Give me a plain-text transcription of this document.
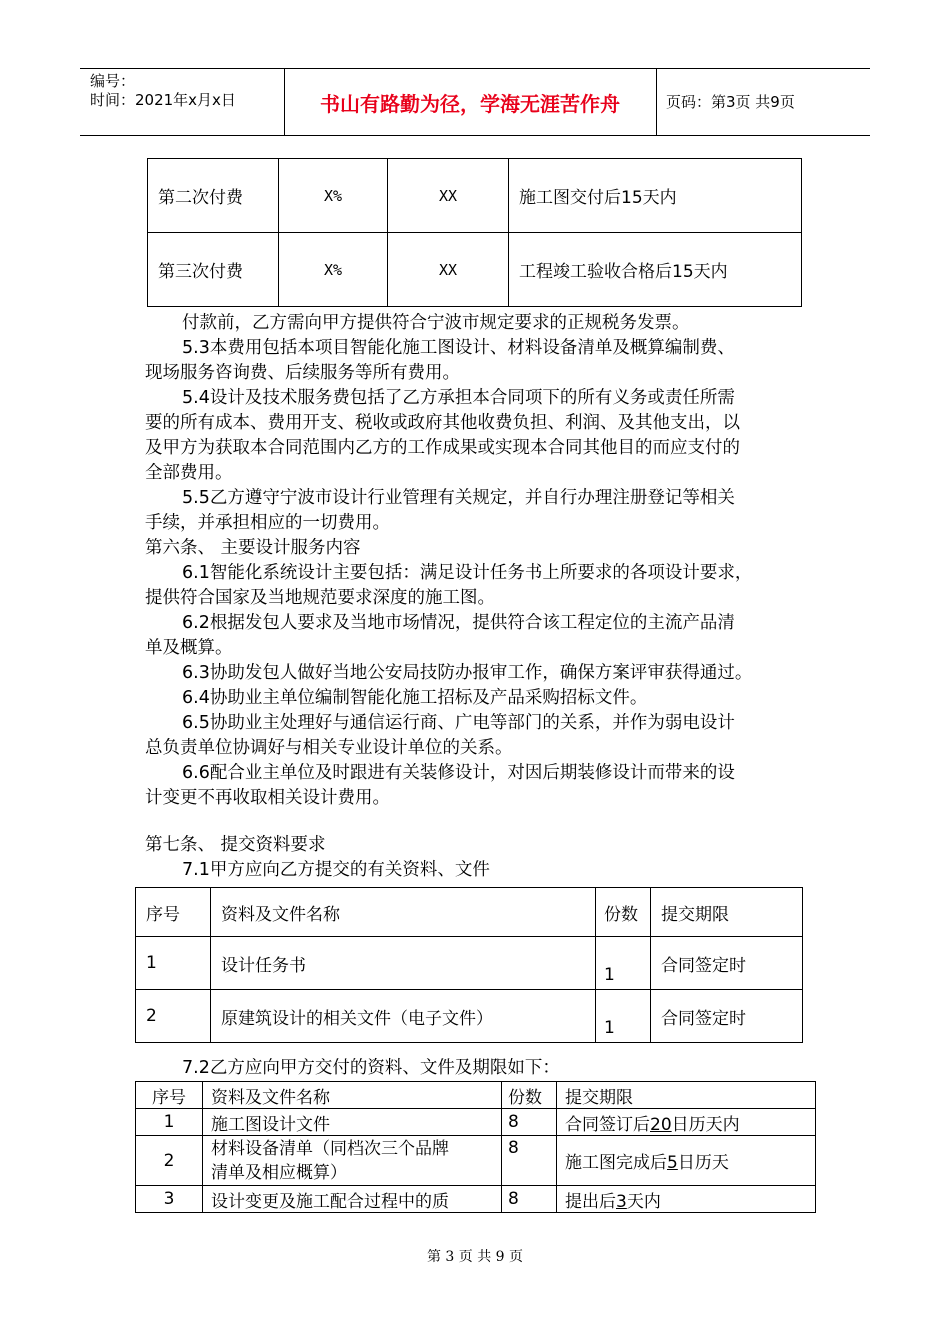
编号：
时间：2021年x月x日	书山有路勤为径，学海无涯苦作舟	页码：第3页 共9页
第二次付费	X%	XX	施工图交付后15天内
第三次付费	X%	XX	工程竣工验收合格后15天内
付款前，乙方需向甲方提供符合宁波市规定要求的正规税务发票。
5.3本费用包括本项目智能化施工图设计、材料设备清单及概算编制费、
现场服务咨询费、后续服务等所有费用。
5.4设计及技术服务费包括了乙方承担本合同项下的所有义务或责任所需
要的所有成本、费用开支、税收或政府其他收费负担、利润、及其他支出，以
及甲方为获取本合同范围内乙方的工作成果或实现本合同其他目的而应支付的
全部费用。
5.5乙方遵守宁波市设计行业管理有关规定，并自行办理注册登记等相关
手续，并承担相应的一切费用。
第六条、 主要设计服务内容
6.1智能化系统设计主要包括：满足设计任务书上所要求的各项设计要求，
提供符合国家及当地规范要求深度的施工图。
6.2根据发包人要求及当地市场情况，提供符合该工程定位的主流产品清
单及概算。
6.3协助发包人做好当地公安局技防办报审工作，确保方案评审获得通过。
6.4协助业主单位编制智能化施工招标及产品采购招标文件。
6.5协助业主处理好与通信运行商、广电等部门的关系，并作为弱电设计
总负责单位协调好与相关专业设计单位的关系。
6.6配合业主单位及时跟进有关装修设计，对因后期装修设计而带来的设
计变更不再收取相关设计费用。
第七条、 提交资料要求
7.1甲方应向乙方提交的有关资料、文件
序号	资料及文件名称	份数	提交期限
1	设计任务书	1	合同签定时
2	原建筑设计的相关文件（电子文件）	1	合同签定时
7.2乙方应向甲方交付的资料、文件及期限如下：
序号	资料及文件名称	份数	提交期限
1	施工图设计文件	8	合同签订后20日历天内
2	材料设备清单（同档次三个品牌
清单及相应概算）	8	施工图完成后5日历天
3	设计变更及施工配合过程中的质	8	提出后3天内
第 3 页 共 9 页
